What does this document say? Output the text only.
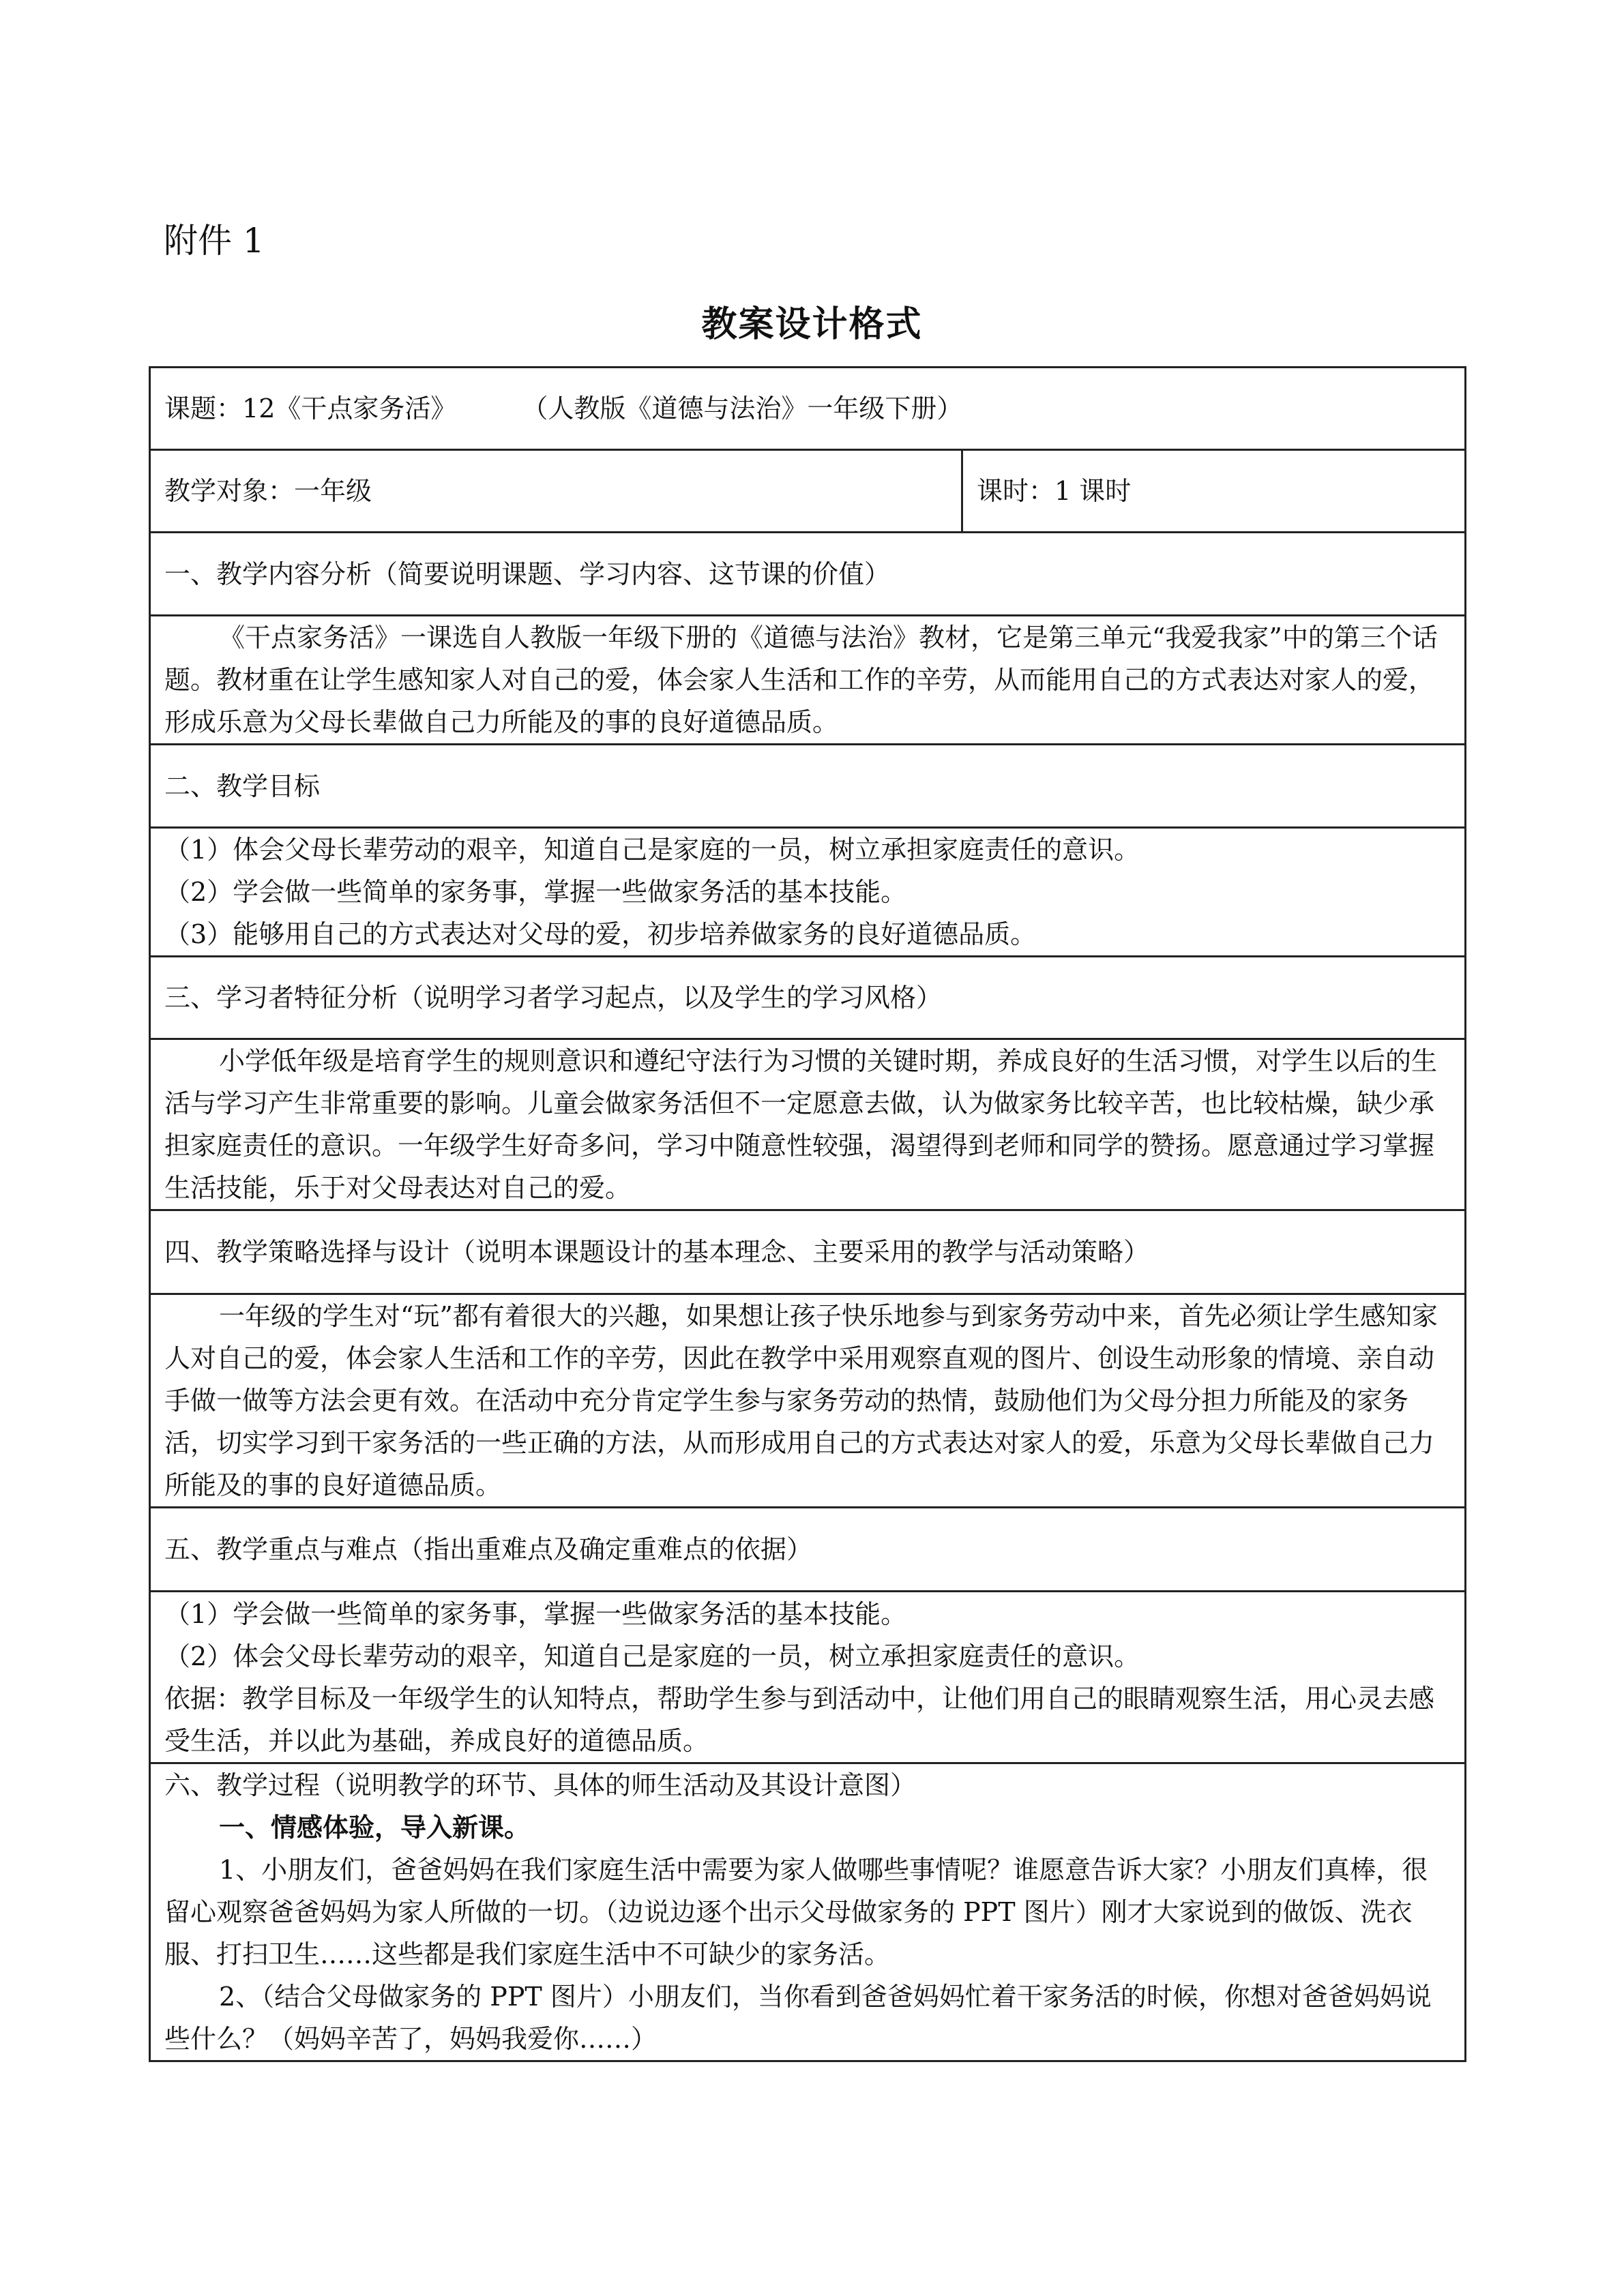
附件 1

教案设计格式

课题：12《干点家务活》	（人教版《道德与法治》一年级下册）
教学对象：一年级	课时：1 课时
一、教学内容分析（简要说明课题、学习内容、这节课的价值）

《干点家务活》一课选自人教版一年级下册的《道德与法治》教材，它是第三单元“我爱我家”中的第三个话题。教材重在让学生感知家人对自己的爱，体会家人生活和工作的辛劳，从而能用自己的方式表达对家人的爱，形成乐意为父母长辈做自己力所能及的事的良好道德品质。

二、教学目标

（1）体会父母长辈劳动的艰辛，知道自己是家庭的一员，树立承担家庭责任的意识。

（2）学会做一些简单的家务事，掌握一些做家务活的基本技能。

（3）能够用自己的方式表达对父母的爱，初步培养做家务的良好道德品质。

三、学习者特征分析（说明学习者学习起点，以及学生的学习风格）

小学低年级是培育学生的规则意识和遵纪守法行为习惯的关键时期，养成良好的生活习惯，对学生以后的生活与学习产生非常重要的影响。儿童会做家务活但不一定愿意去做，认为做家务比较辛苦，也比较枯燥，缺少承担家庭责任的意识。一年级学生好奇多问，学习中随意性较强，渴望得到老师和同学的赞扬。愿意通过学习掌握生活技能，乐于对父母表达对自己的爱。

四、教学策略选择与设计（说明本课题设计的基本理念、主要采用的教学与活动策略）

一年级的学生对“玩”都有着很大的兴趣，如果想让孩子快乐地参与到家务劳动中来，首先必须让学生感知家人对自己的爱，体会家人生活和工作的辛劳，因此在教学中采用观察直观的图片、创设生动形象的情境、亲自动手做一做等方法会更有效。在活动中充分肯定学生参与家务劳动的热情，鼓励他们为父母分担力所能及的家务活，切实学习到干家务活的一些正确的方法，从而形成用自己的方式表达对家人的爱，乐意为父母长辈做自己力所能及的事的良好道德品质。

五、教学重点与难点（指出重难点及确定重难点的依据）

（1）学会做一些简单的家务事，掌握一些做家务活的基本技能。

（2）体会父母长辈劳动的艰辛，知道自己是家庭的一员，树立承担家庭责任的意识。

依据：教学目标及一年级学生的认知特点，帮助学生参与到活动中，让他们用自己的眼睛观察生活，用心灵去感受生活，并以此为基础，养成良好的道德品质。

六、教学过程（说明教学的环节、具体的师生活动及其设计意图）

一、情感体验，导入新课。

1、小朋友们，爸爸妈妈在我们家庭生活中需要为家人做哪些事情呢？谁愿意告诉大家？小朋友们真棒，很留心观察爸爸妈妈为家人所做的一切。（边说边逐个出示父母做家务的 PPT 图片）刚才大家说到的做饭、洗衣服、打扫卫生……这些都是我们家庭生活中不可缺少的家务活。

2、（结合父母做家务的 PPT 图片）小朋友们，当你看到爸爸妈妈忙着干家务活的时候，你想对爸爸妈妈说些什么？（妈妈辛苦了，妈妈我爱你……）
